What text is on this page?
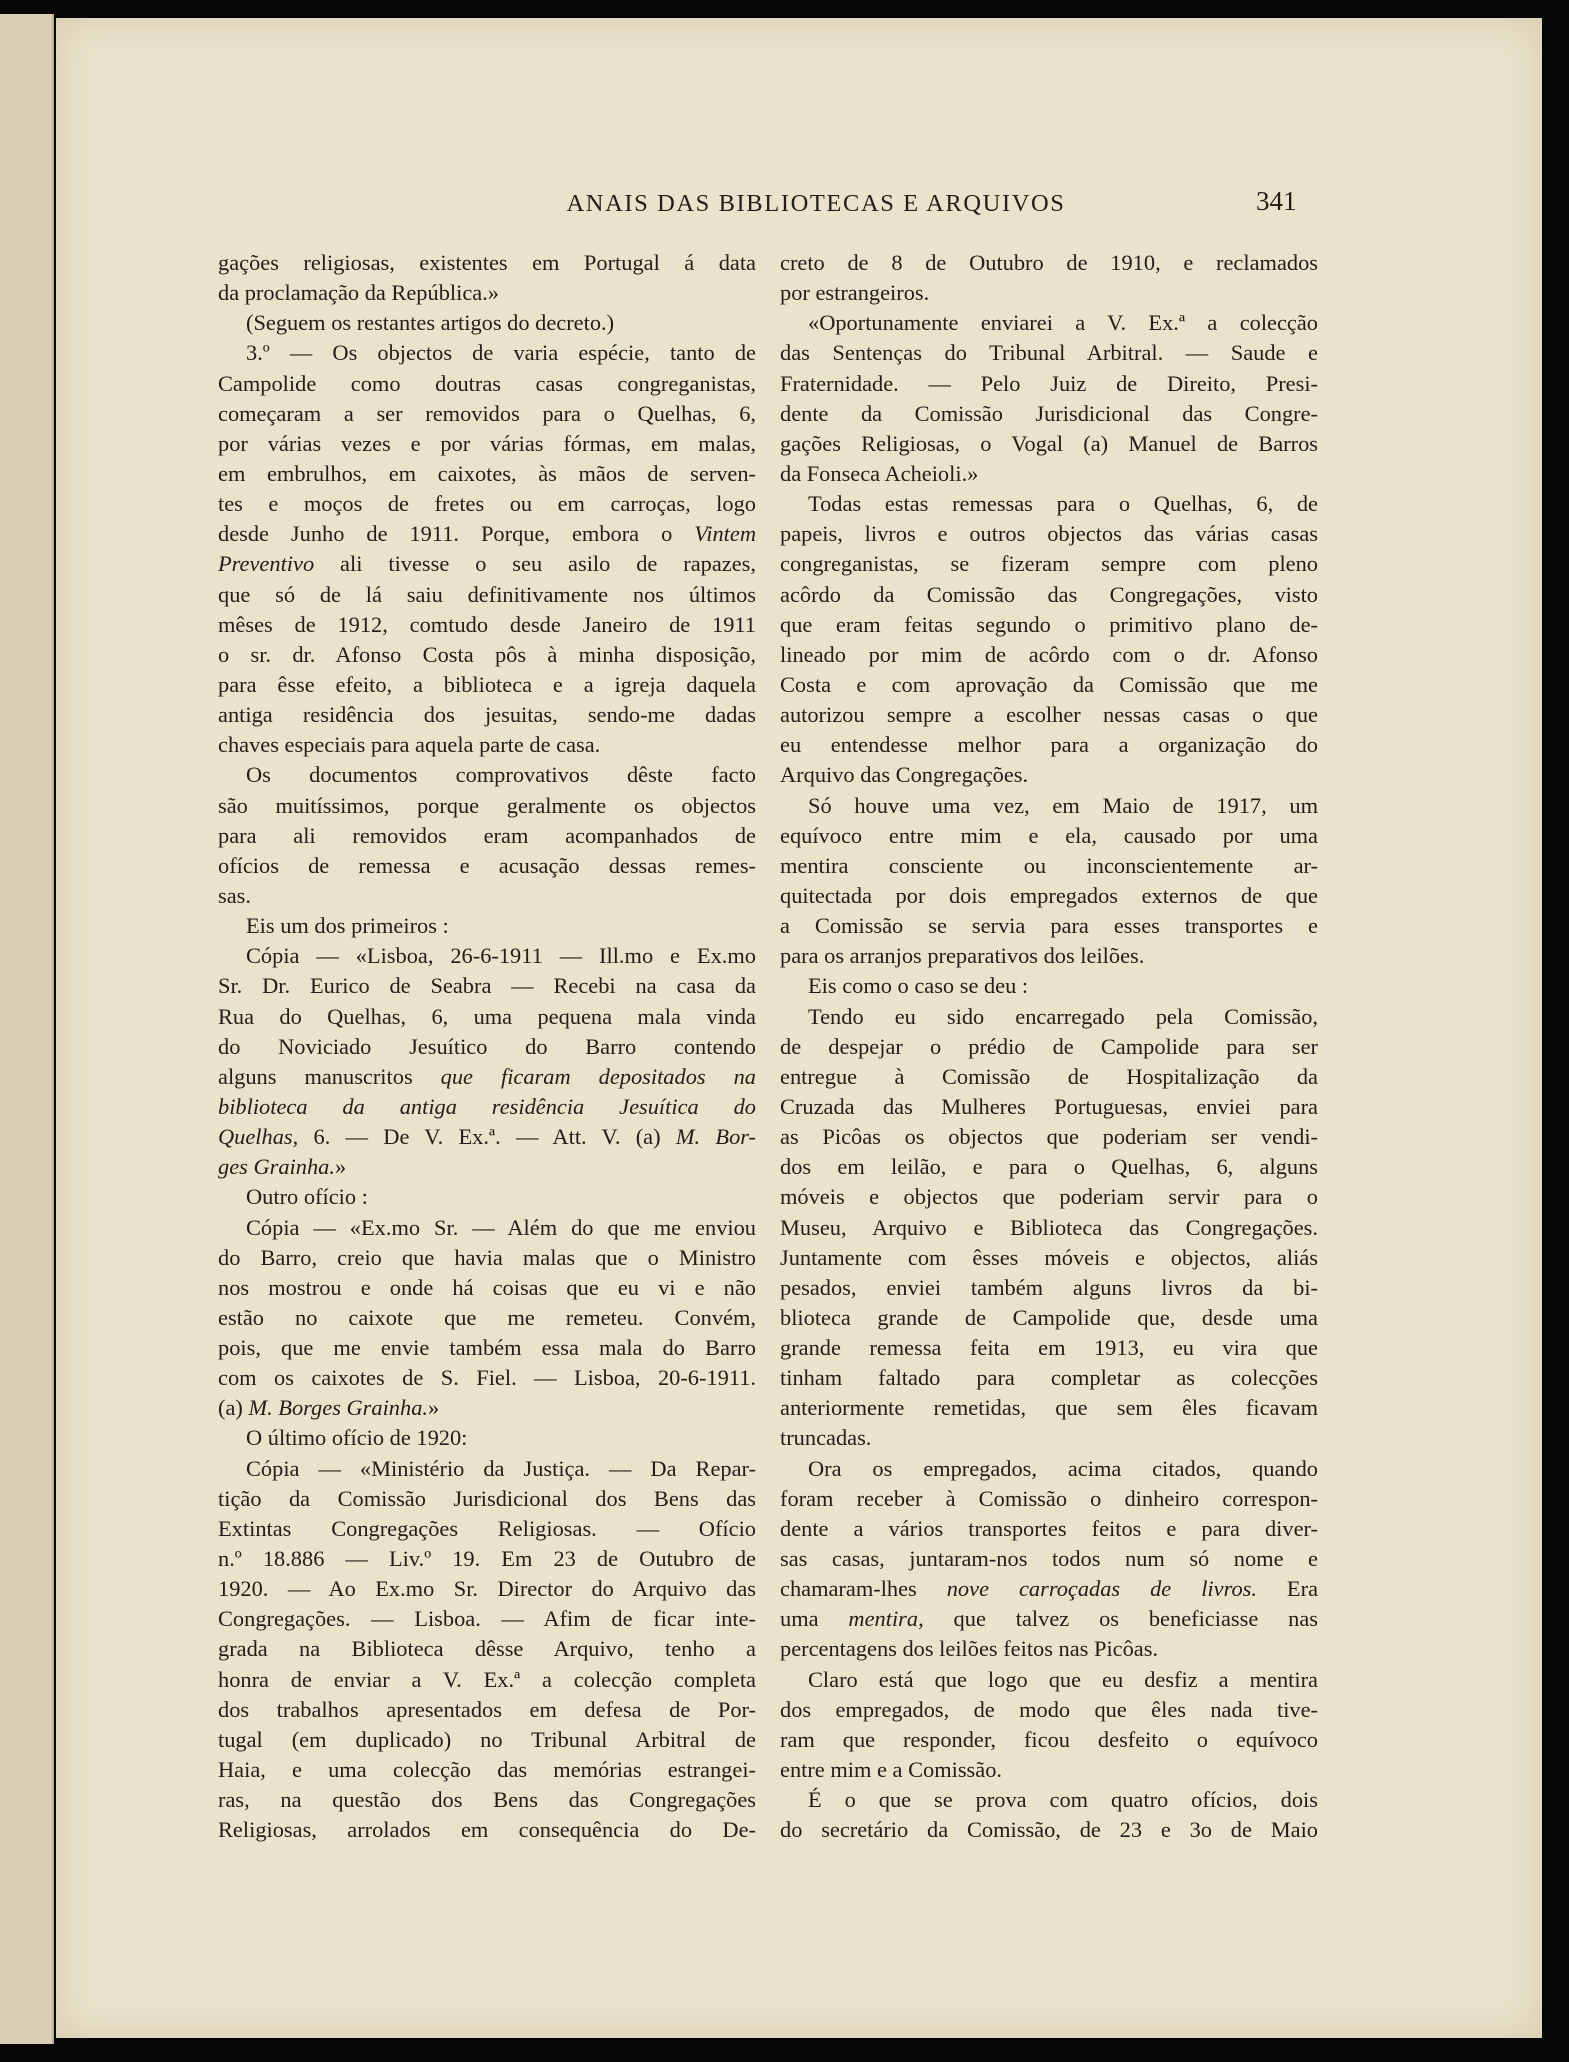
ANAIS DAS BIBLIOTECAS E ARQUIVOS	341
gações religiosas, existentes em Portugal á data
da proclamação da República.»
(Seguem os restantes artigos do decreto.)
3.º — Os objectos de varia espécie, tanto de
Campolide como doutras casas congreganistas,
começaram a ser removidos para o Quelhas, 6,
por várias vezes e por várias fórmas, em malas,
em embrulhos, em caixotes, às mãos de serven-
tes e moços de fretes ou em carroças, logo
desde Junho de 1911. Porque, embora o Vintem
Preventivo ali tivesse o seu asilo de rapazes,
que só de lá saiu definitivamente nos últimos
mêses de 1912, comtudo desde Janeiro de 1911
o sr. dr. Afonso Costa pôs à minha disposição,
para êsse efeito, a biblioteca e a igreja daquela
antiga residência dos jesuitas, sendo-me dadas
chaves especiais para aquela parte de casa.
Os documentos comprovativos dêste facto
são muitíssimos, porque geralmente os objectos
para ali removidos eram acompanhados de
ofícios de remessa e acusação dessas remes-
sas.
Eis um dos primeiros :
Cópia — «Lisboa, 26-6-1911 — Ill.mo e Ex.mo
Sr. Dr. Eurico de Seabra — Recebi na casa da
Rua do Quelhas, 6, uma pequena mala vinda
do Noviciado Jesuítico do Barro contendo
alguns manuscritos que ficaram depositados na
biblioteca da antiga residência Jesuítica do
Quelhas, 6. — De V. Ex.ª. — Att. V. (a) M. Bor-
ges Grainha.»
Outro ofício :
Cópia — «Ex.mo Sr. — Além do que me enviou
do Barro, creio que havia malas que o Ministro
nos mostrou e onde há coisas que eu vi e não
estão no caixote que me remeteu. Convém,
pois, que me envie também essa mala do Barro
com os caixotes de S. Fiel. — Lisboa, 20-6-1911.
(a) M. Borges Grainha.»
O último ofício de 1920:
Cópia — «Ministério da Justiça. — Da Repar-
tição da Comissão Jurisdicional dos Bens das
Extintas Congregações Religiosas. — Ofício
n.º 18.886 — Liv.º 19. Em 23 de Outubro de
1920. — Ao Ex.mo Sr. Director do Arquivo das
Congregações. — Lisboa. — Afim de ficar inte-
grada na Biblioteca dêsse Arquivo, tenho a
honra de enviar a V. Ex.ª a colecção completa
dos trabalhos apresentados em defesa de Por-
tugal (em duplicado) no Tribunal Arbitral de
Haia, e uma colecção das memórias estrangei-
ras, na questão dos Bens das Congregações
Religiosas, arrolados em consequência do De-
creto de 8 de Outubro de 1910, e reclamados
por estrangeiros.
«Oportunamente enviarei a V. Ex.ª a colecção
das Sentenças do Tribunal Arbitral. — Saude e
Fraternidade. — Pelo Juiz de Direito, Presi-
dente da Comissão Jurisdicional das Congre-
gações Religiosas, o Vogal (a) Manuel de Barros
da Fonseca Acheioli.»
Todas estas remessas para o Quelhas, 6, de
papeis, livros e outros objectos das várias casas
congreganistas, se fizeram sempre com pleno
acôrdo da Comissão das Congregações, visto
que eram feitas segundo o primitivo plano de-
lineado por mim de acôrdo com o dr. Afonso
Costa e com aprovação da Comissão que me
autorizou sempre a escolher nessas casas o que
eu entendesse melhor para a organização do
Arquivo das Congregações.
Só houve uma vez, em Maio de 1917, um
equívoco entre mim e ela, causado por uma
mentira consciente ou inconscientemente ar-
quitectada por dois empregados externos de que
a Comissão se servia para esses transportes e
para os arranjos preparativos dos leilões.
Eis como o caso se deu :
Tendo eu sido encarregado pela Comissão,
de despejar o prédio de Campolide para ser
entregue à Comissão de Hospitalização da
Cruzada das Mulheres Portuguesas, enviei para
as Picôas os objectos que poderiam ser vendi-
dos em leilão, e para o Quelhas, 6, alguns
móveis e objectos que poderiam servir para o
Museu, Arquivo e Biblioteca das Congregações.
Juntamente com êsses móveis e objectos, aliás
pesados, enviei também alguns livros da bi-
blioteca grande de Campolide que, desde uma
grande remessa feita em 1913, eu vira que
tinham faltado para completar as colecções
anteriormente remetidas, que sem êles ficavam
truncadas.
Ora os empregados, acima citados, quando
foram receber à Comissão o dinheiro correspon-
dente a vários transportes feitos e para diver-
sas casas, juntaram-nos todos num só nome e
chamaram-lhes nove carroçadas de livros. Era
uma mentira, que talvez os beneficiasse nas
percentagens dos leilões feitos nas Picôas.
Claro está que logo que eu desfiz a mentira
dos empregados, de modo que êles nada tive-
ram que responder, ficou desfeito o equívoco
entre mim e a Comissão.
É o que se prova com quatro ofícios, dois
do secretário da Comissão, de 23 e 3o de Maio
